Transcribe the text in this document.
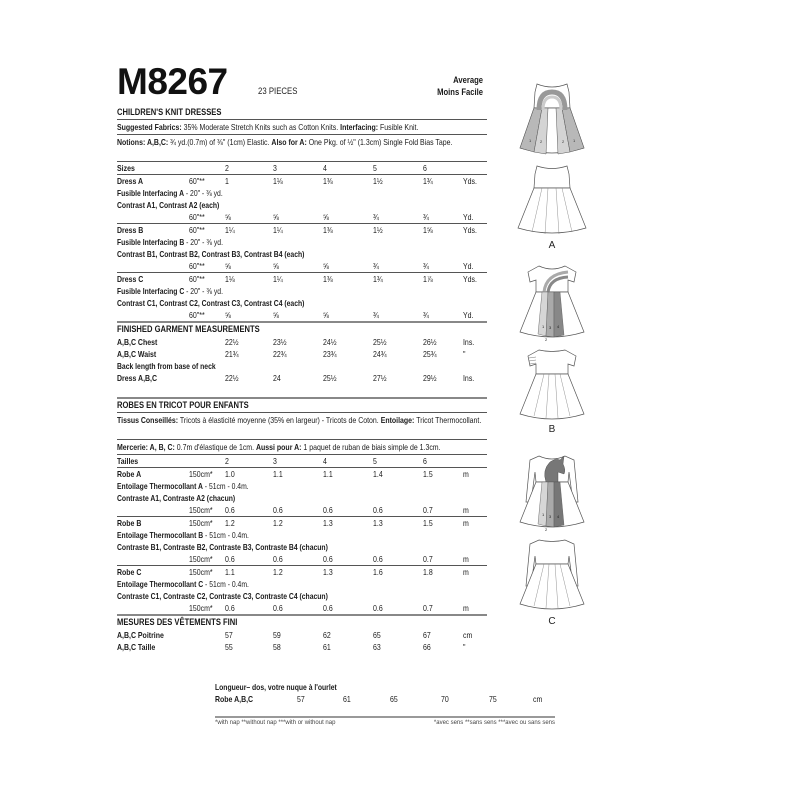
M8267	23 PIECES
Average
Moins Facile
CHILDREN'S KNIT DRESSES
Suggested Fabrics: 35% Moderate Stretch Knits such as Cotton Knits. Interfacing: Fusible Knit.
Notions: A,B,C: ¾ yd.(0.7m) of ⅜" (1cm) Elastic. Also for A: One Pkg. of ½" (1.3cm) Single Fold Bias Tape.
Sizes	2	3	4	5	6
Dress A	60"** 1	1⅛	1⅜	1½	1¾	Yds.
Fusible Interfacing A - 20" - ⅜ yd.
Contrast A1, Contrast A2 (each)
60"** ⅝	⅝	⅝	¾	¾	Yd.
Dress B	60"** 1¼	1¼	1⅜	1½	1⅝	Yds.
Fusible Interfacing B - 20" - ⅜ yd.
Contrast B1, Contrast B2, Contrast B3, Contrast B4 (each)
60"** ⅝	⅝	⅝	¾	¾	Yd.
Dress C	60"** 1⅛	1¼	1⅜	1¾	1⅞	Yds.
Fusible Interfacing C - 20" - ⅜ yd.
Contrast C1, Contrast C2, Contrast C3, Contrast C4 (each)
60"** ⅝	⅝	⅝	¾	¾	Yd.
FINISHED GARMENT MEASUREMENTS
A,B,C Chest	22½	23½	24½	25½	26½	Ins.
A,B,C Waist	21¾	22¾	23¾	24¾	25¾	"
Back length from base of neck
Dress A,B,C	22½	24	25½	27½	29½	Ins.
ROBES EN TRICOT POUR ENFANTS
Tissus Conseillés: Tricots à élasticité moyenne (35% en largeur) - Tricots de Coton. Entoilage: Tricot Thermocollant.
Mercerie: A, B, C: 0.7m d'élastique de 1cm. Aussi pour A: 1 paquet de ruban de biais simple de 1.3cm.
Tailles	2	3	4	5	6
Robe A	150cm* 1.0	1.1	1.1	1.4	1.5	m
Entoilage Thermocollant A - 51cm - 0.4m.
Contraste A1, Contraste A2 (chacun)
150cm* 0.6	0.6	0.6	0.6	0.7	m
Robe B	150cm* 1.2	1.2	1.3	1.3	1.5	m
Entoilage Thermocollant B - 51cm - 0.4m.
Contraste B1, Contraste B2, Contraste B3, Contraste B4 (chacun)
150cm* 0.6	0.6	0.6	0.6	0.7	m
Robe C	150cm* 1.1	1.2	1.3	1.6	1.8	m
Entoilage Thermocollant C - 51cm - 0.4m.
Contraste C1, Contraste C2, Contraste C3, Contraste C4 (chacun)
150cm* 0.6	0.6	0.6	0.6	0.7	m
MESURES DES VÊTEMENTS FINI
A,B,C Poitrine	57	59	62	65	67	cm
A,B,C Taille	55	58	61	63	66	"
Longueur– dos, votre nuque à l'ourlet
Robe A,B,C	57	61	65	70	75	cm
*with nap **without nap ***with or without nap	*avec sens **sans sens ***avec ou sans sens
1 2	2 1
A
1 3 4
2
B
1 3 4
2
C
